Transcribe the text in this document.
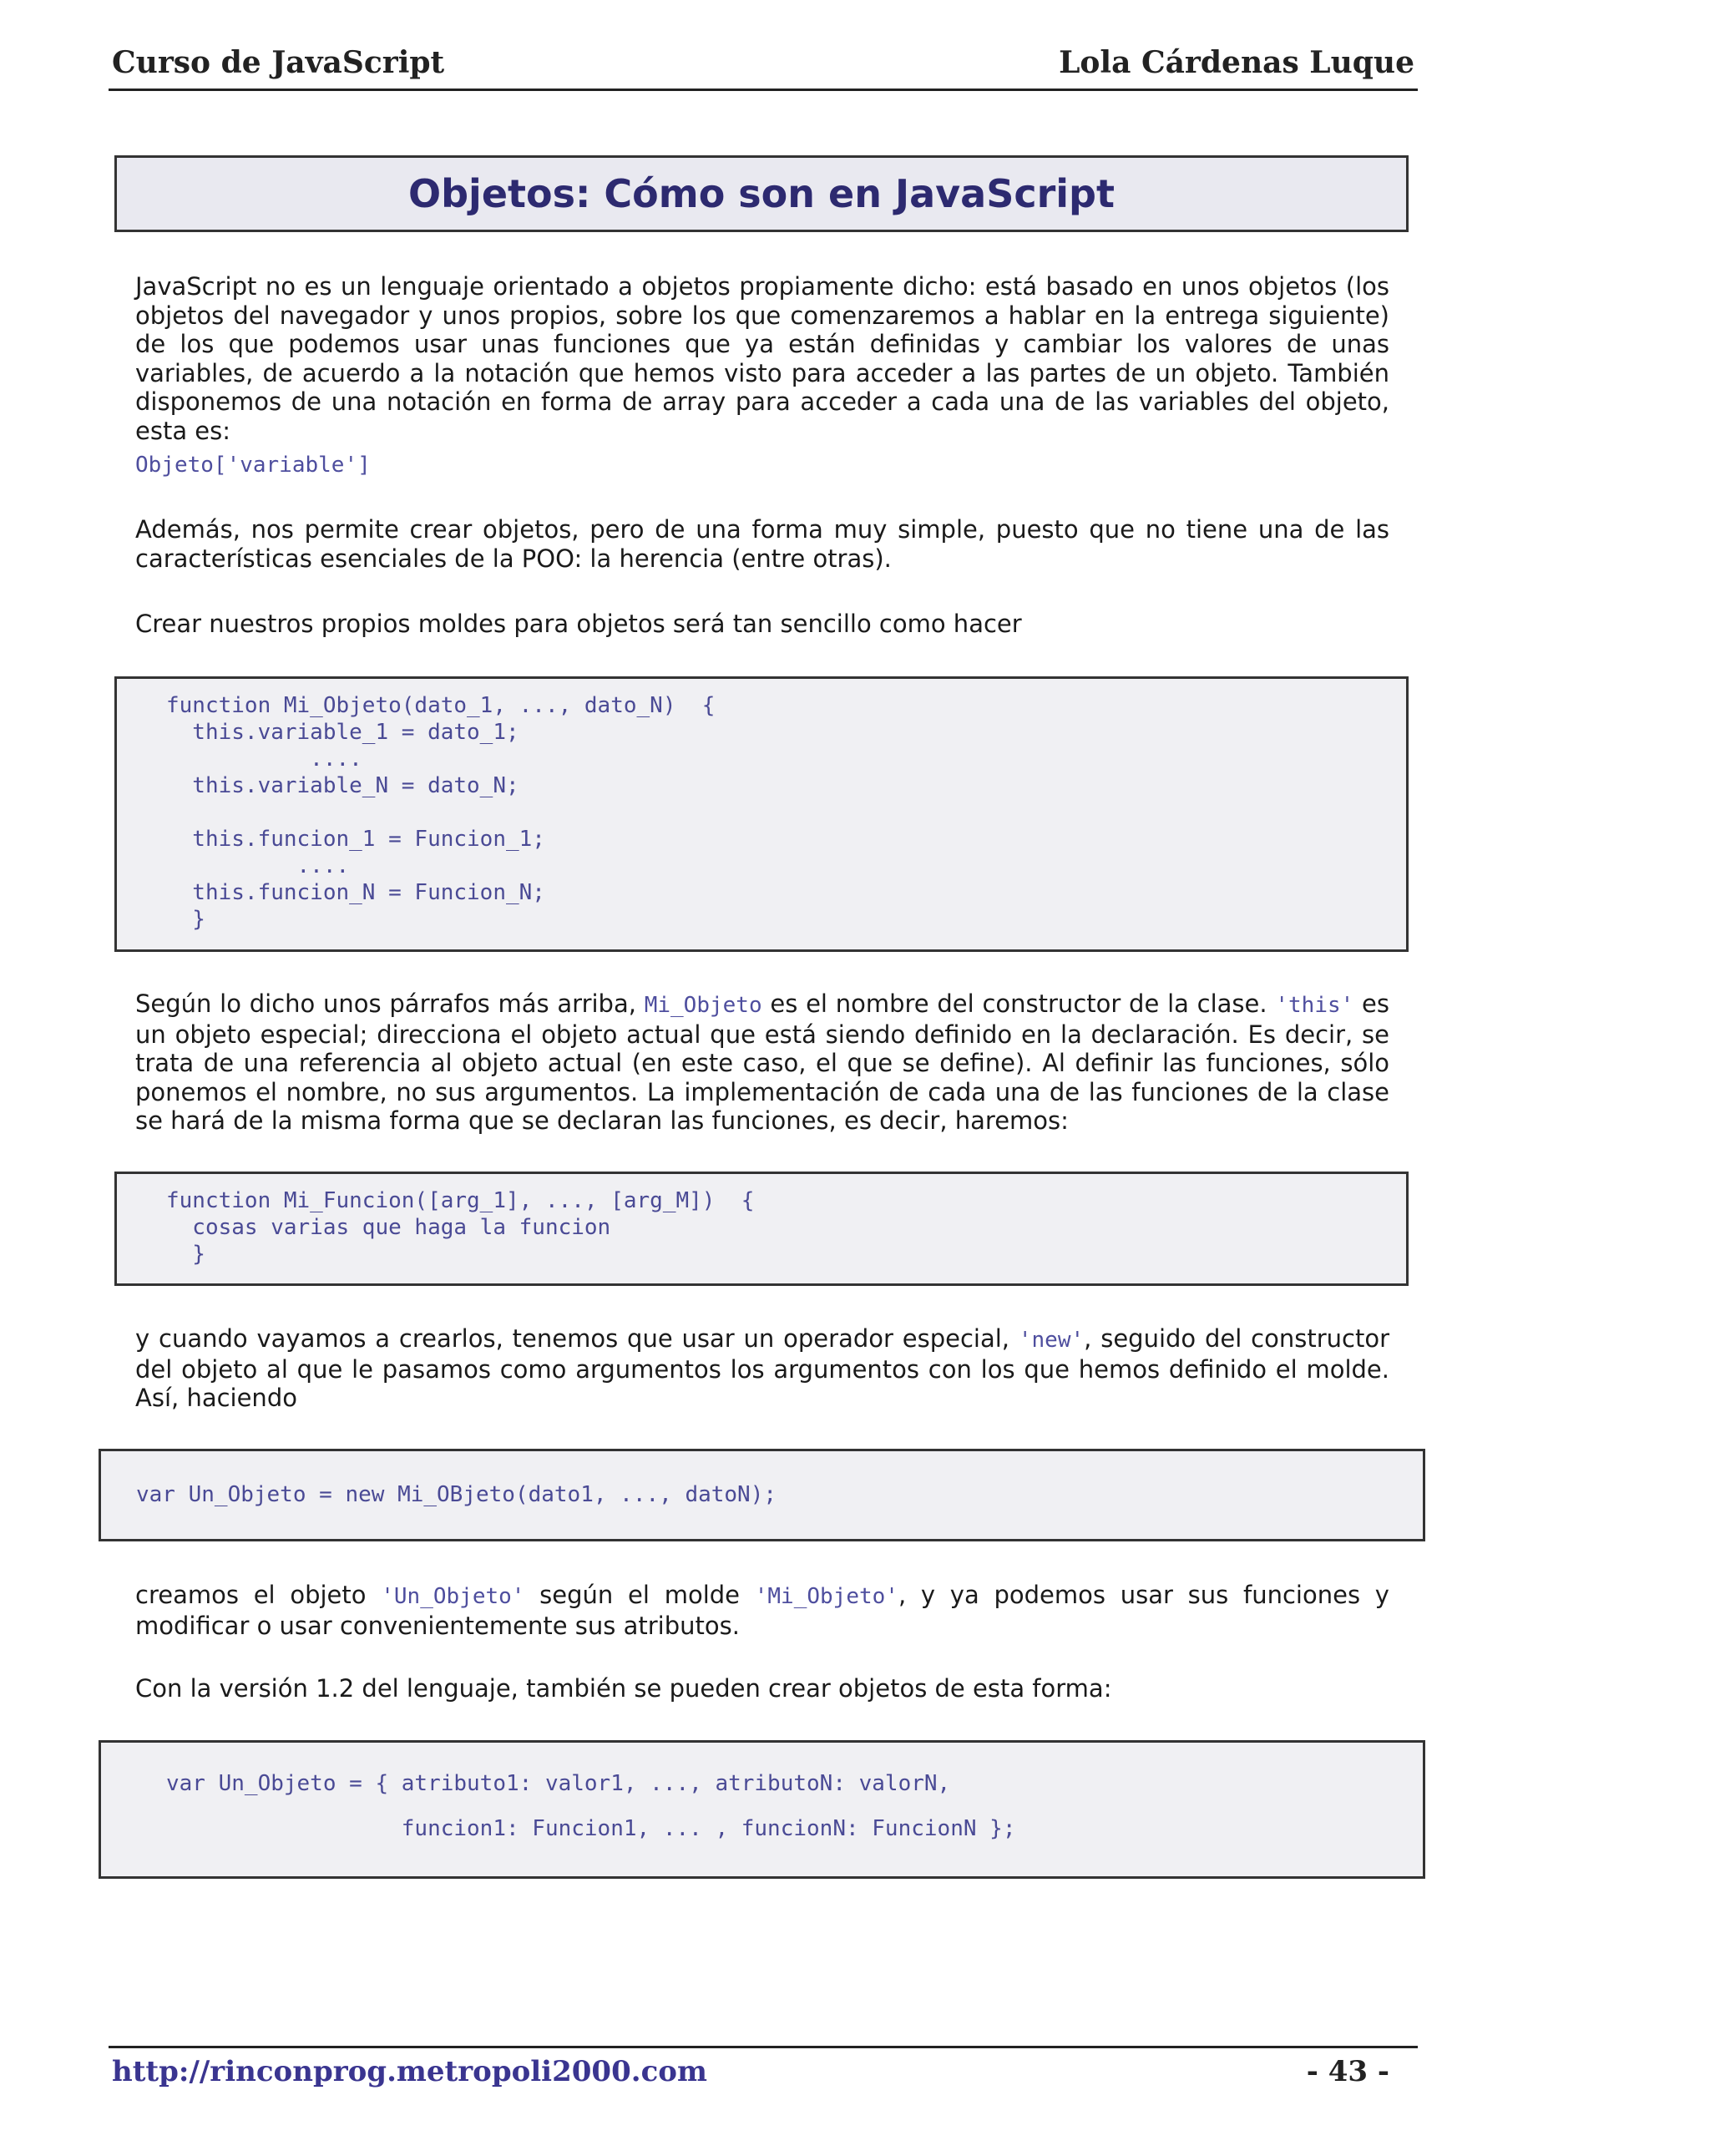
Curso de JavaScript	Lola Cárdenas Luque
Objetos: Cómo son en JavaScript

JavaScript no es un lenguaje orientado a objetos propiamente dicho: está basado en unos objetos (los objetos del navegador y unos propios, sobre los que comenzaremos a hablar en la entrega siguiente) de los que podemos usar unas funciones que ya están definidas y cambiar los valores de unas variables, de acuerdo a la notación que hemos visto para acceder a las partes de un objeto. También disponemos de una notación en forma de array para acceder a cada una de las variables del objeto, esta es:

Objeto['variable']

Además, nos permite crear objetos, pero de una forma muy simple, puesto que no tiene una de las características esenciales de la POO: la herencia (entre otras).

Crear nuestros propios moldes para objetos será tan sencillo como hacer

function Mi_Objeto(dato_1, ..., dato_N)  {
this.variable_1 = dato_1;
....
this.variable_N = dato_N;

this.funcion_1 = Funcion_1;
....
this.funcion_N = Funcion_N;
}

Según lo dicho unos párrafos más arriba, Mi_Objeto es el nombre del constructor de la clase. 'this' es un objeto especial; direcciona el objeto actual que está siendo definido en la declaración. Es decir, se trata de una referencia al objeto actual (en este caso, el que se define). Al definir las funciones, sólo ponemos el nombre, no sus argumentos. La implementación de cada una de las funciones de la clase se hará de la misma forma que se declaran las funciones, es decir, haremos:

function Mi_Funcion([arg_1], ..., [arg_M])  {
cosas varias que haga la funcion
}

y cuando vayamos a crearlos, tenemos que usar un operador especial, 'new', seguido del constructor del objeto al que le pasamos como argumentos los argumentos con los que hemos definido el molde. Así, haciendo

var Un_Objeto = new Mi_OBjeto(dato1, ..., datoN);

creamos el objeto 'Un_Objeto' según el molde 'Mi_Objeto', y ya podemos usar sus funciones y modificar o usar convenientemente sus atributos.

Con la versión 1.2 del lenguaje, también se pueden crear objetos de esta forma:

var Un_Objeto = { atributo1: valor1, ..., atributoN: valorN,

funcion1: Funcion1, ... , funcionN: FuncionN };
http://rinconprog.metropoli2000.com	- 43 -
